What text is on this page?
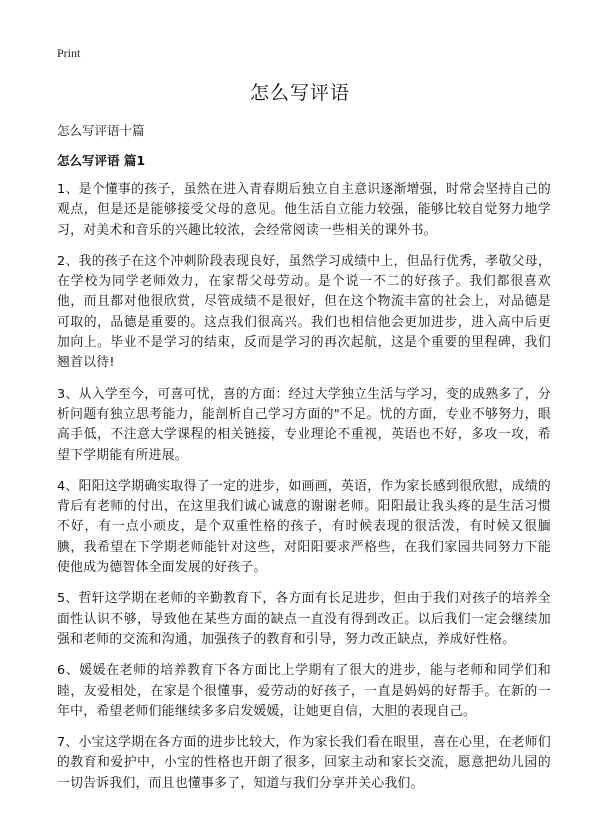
Print
怎么写评语

怎么写评语十篇

怎么写评语 篇1

1、是个懂事的孩子，虽然在进入青春期后独立自主意识逐渐增强，时常会坚持自己的观点，但是还是能够接受父母的意见。他生活自立能力较强，能够比较自觉努力地学习，对美术和音乐的兴趣比较浓，会经常阅读一些相关的课外书。

2、我的孩子在这个冲刺阶段表现良好，虽然学习成绩中上，但品行优秀，孝敬父母，在学校为同学老师效力，在家帮父母劳动。是个说一不二的好孩子。我们都很喜欢他，而且都对他很欣赏，尽管成绩不是很好，但在这个物流丰富的社会上，对品德是可取的，品德是重要的。这点我们很高兴。我们也相信他会更加进步，进入高中后更加向上。毕业不是学习的结束，反而是学习的再次起航，这是个重要的里程碑，我们翘首以待!

3、从入学至今，可喜可忧，喜的方面：经过大学独立生活与学习，变的成熟多了，分析问题有独立思考能力，能剖析自己学习方面的"不足。忧的方面，专业不够努力，眼高手低，不注意大学课程的相关链接，专业理论不重视，英语也不好，多攻一攻，希望下学期能有所进展。

4、阳阳这学期确实取得了一定的进步，如画画，英语，作为家长感到很欣慰，成绩的背后有老师的付出，在这里我们诚心诚意的谢谢老师。阳阳最让我头疼的是生活习惯不好，有一点小顽皮，是个双重性格的孩子，有时候表现的很活泼，有时候又很腼腆，我希望在下学期老师能针对这些，对阳阳要求严格些，在我们家园共同努力下能使他成为德智体全面发展的好孩子。

5、哲轩这学期在老师的辛勤教育下，各方面有长足进步，但由于我们对孩子的培养全面性认识不够，导致他在某些方面的缺点一直没有得到改正。以后我们一定会继续加强和老师的交流和沟通，加强孩子的教育和引导，努力改正缺点，养成好性格。

6、媛媛在老师的培养教育下各方面比上学期有了很大的进步，能与老师和同学们和睦，友爱相处，在家是个很懂事，爱劳动的好孩子，一直是妈妈的好帮手。在新的一年中，希望老师们能继续多多启发媛媛，让她更自信，大胆的表现自己。

7、小宝这学期在各方面的进步比较大，作为家长我们看在眼里，喜在心里，在老师们的教育和爱护中，小宝的性格也开朗了很多，回家主动和家长交流，愿意把幼儿园的一切告诉我们，而且也懂事多了，知道与我们分享并关心我们。
